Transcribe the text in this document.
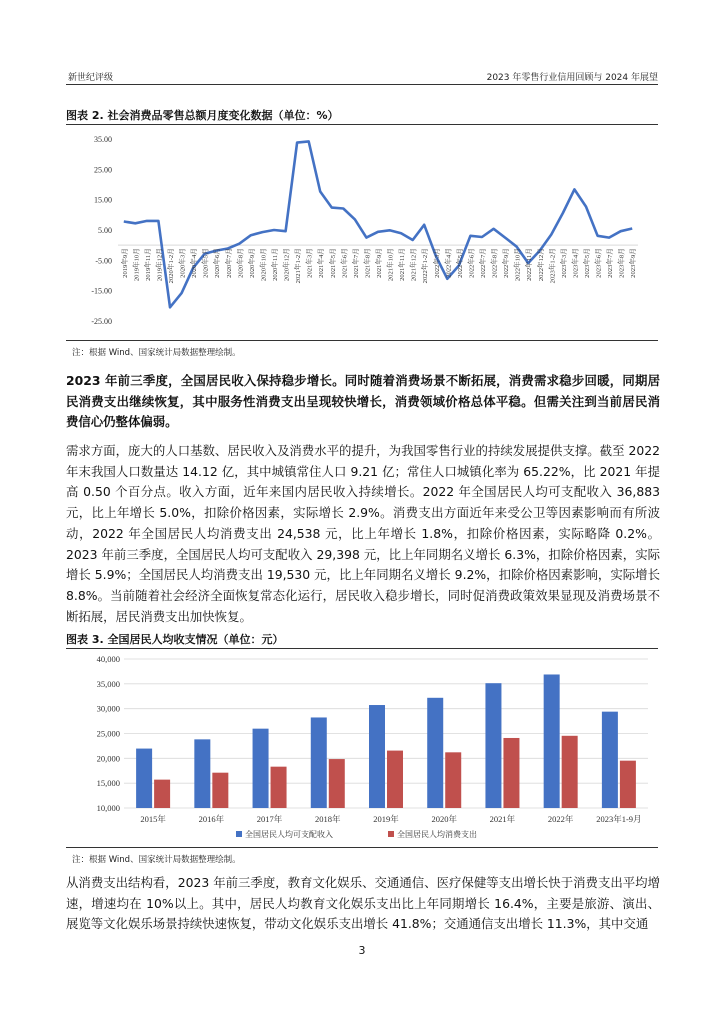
新世纪评级	2023 年零售行业信用回顾与 2024 年展望
图表 2. 社会消费品零售总额月度变化数据（单位：%）
35.00
25.00
15.00
5.00
-5.00
-15.00
-25.00
2019年9月 2019年10月 2019年11月 2019年12月 2020年1-2月 2020年3月 2020年4月 2020年5月 2020年6月 2020年7月 2020年8月 2020年9月 2020年10月 2020年11月 2020年12月 2021年1-2月 2021年3月 2021年4月 2021年5月 2021年6月 2021年7月 2021年8月 2021年9月 2021年10月 2021年11月 2021年12月 2022年1-2月 2022年3月 2022年4月 2022年5月 2022年6月 2022年7月 2022年8月 2022年9月 2022年10月 2022年11月 2022年12月 2023年1-2月 2023年3月 2023年4月 2023年5月 2023年6月 2023年7月 2023年8月 2023年9月
注：根据 Wind、国家统计局数据整理绘制。
2023 年前三季度，全国居民收入保持稳步增长。同时随着消费场景不断拓展，消费需求稳步回暖，同期居民消费支出继续恢复，其中服务性消费支出呈现较快增长，消费领域价格总体平稳。但需关注到当前居民消费信心仍整体偏弱。
需求方面，庞大的人口基数、居民收入及消费水平的提升，为我国零售行业的持续发展提供支撑。截至 2022 年末我国人口数量达 14.12 亿，其中城镇常住人口 9.21 亿；常住人口城镇化率为 65.22%，比 2021 年提高 0.50 个百分点。收入方面，近年来国内居民收入持续增长。2022 年全国居民人均可支配收入 36,883 元，比上年增长 5.0%，扣除价格因素，实际增长 2.9%。消费支出方面近年来受公卫等因素影响而有所波动，2022 年全国居民人均消费支出 24,538 元，比上年增长 1.8%，扣除价格因素，实际略降 0.2%。2023 年前三季度，全国居民人均可支配收入 29,398 元，比上年同期名义增长 6.3%，扣除价格因素，实际增长 5.9%；全国居民人均消费支出 19,530 元，比上年同期名义增长 9.2%，扣除价格因素影响，实际增长 8.8%。当前随着社会经济全面恢复常态化运行，居民收入稳步增长，同时促消费政策效果显现及消费场景不断拓展，居民消费支出加快恢复。
图表 3. 全国居民人均收支情况（单位：元）
40,000
35,000
30,000
25,000
20,000
15,000
10,000
2015年	2016年	2017年	2018年	2019年	2020年	2021年	2022年	2023年1-9月
全国居民人均可支配收入	全国居民人均消费支出
注：根据 Wind、国家统计局数据整理绘制。
从消费支出结构看，2023 年前三季度，教育文化娱乐、交通通信、医疗保健等支出增长快于消费支出平均增速，增速均在 10%以上。其中，居民人均教育文化娱乐支出比上年同期增长 16.4%，主要是旅游、演出、展览等文化娱乐场景持续快速恢复，带动文化娱乐支出增长 41.8%；交通通信支出增长 11.3%，其中交通
3
